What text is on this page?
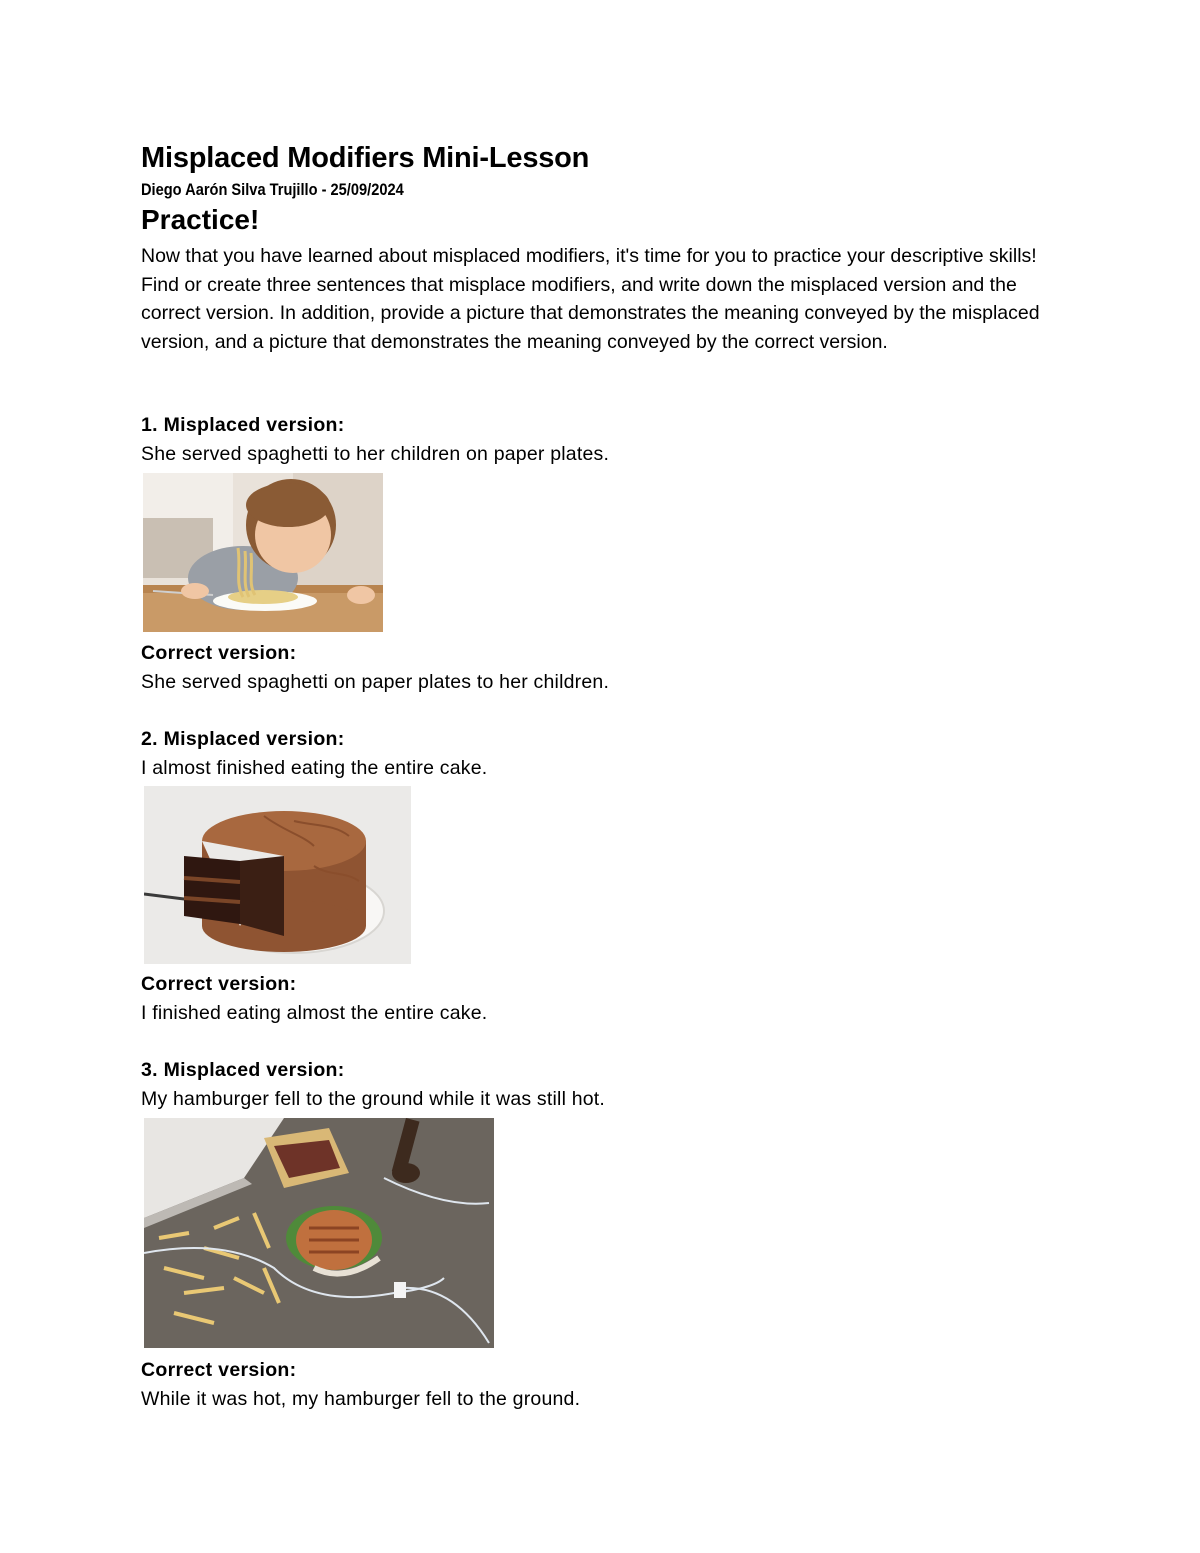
Misplaced Modifiers Mini-Lesson
Diego Aarón Silva Trujillo - 25/09/2024
Practice!
Now that you have learned about misplaced modifiers, it's time for you to practice your descriptive skills! Find or create three sentences that misplace modifiers, and write down the misplaced version and the correct version. In addition, provide a picture that demonstrates the meaning conveyed by the misplaced version, and a picture that demonstrates the meaning conveyed by the correct version.
1. Misplaced version:
She served spaghetti to her children on paper plates.
Correct version:
She served spaghetti on paper plates to her children.
2. Misplaced version:
I almost finished eating the entire cake.
Correct version:
I finished eating almost the entire cake.
3. Misplaced version:
My hamburger fell to the ground while it was still hot.
Correct version:
While it was hot, my hamburger fell to the ground.
